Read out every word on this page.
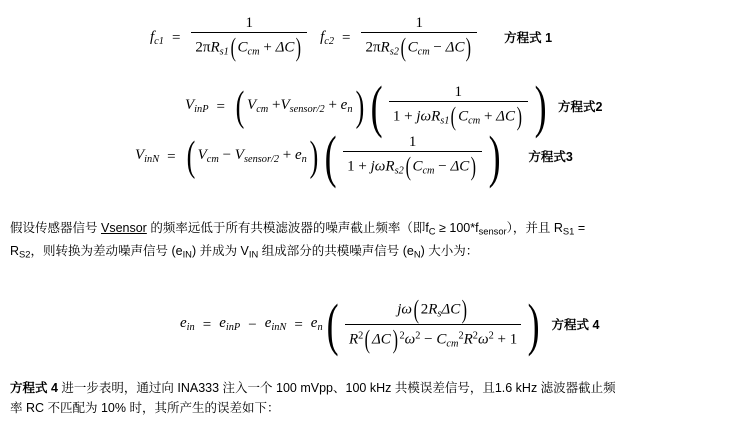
$f_{c1} = \frac{1}{2\pi R_{s1}( C_{cm} + \Delta C)} f_{c2} = \frac{1}{2\pi R_{s2}( C_{cm} - \Delta C)}$ 方程式 1
$V_{inP}$ = ( $V_{cm} +V_{sensor/2} + e_n$ ) ( $\frac{1}{1 + j\omega R_{s1}( C_{cm} + \Delta C)}$ ) 方程式2
$V_{inN}$ = ( $V_{cm} - V_{sensor/2} + e_n$ ) ( $\frac{1}{1 + j\omega R_{s2}( C_{cm} - \Delta C)}$ ) 方程式3
假设传感器信号 Vsensor 的频率远低于所有共模滤波器的噪声截止频率（即$f_C \ge 100*f_{sensor}$），并且 $R_{S1}$ =
$R_{S2}$，则转换为差动噪声信号 $(e_{IN})$ 并成为 $V_{IN}$ 组成部分的共模噪声信号 $(e_N)$ 大小为：
$e_{in} = e_{inP} - e_{inN} = e_n$ ( $\frac{j\omega( 2R_s\Delta C)}{R^2( \Delta C) ^2\omega^2 - C_{cm}^2R^2\omega^2 + 1}$ ) 方程式 4
方程式 4 进一步表明，通过向 INA333 注入一个 100 mVpp、100 kHz 共模误差信号，且1.6 kHz 滤波器截止频
率 RC 不匹配为 10% 时，其所产生的误差如下：
